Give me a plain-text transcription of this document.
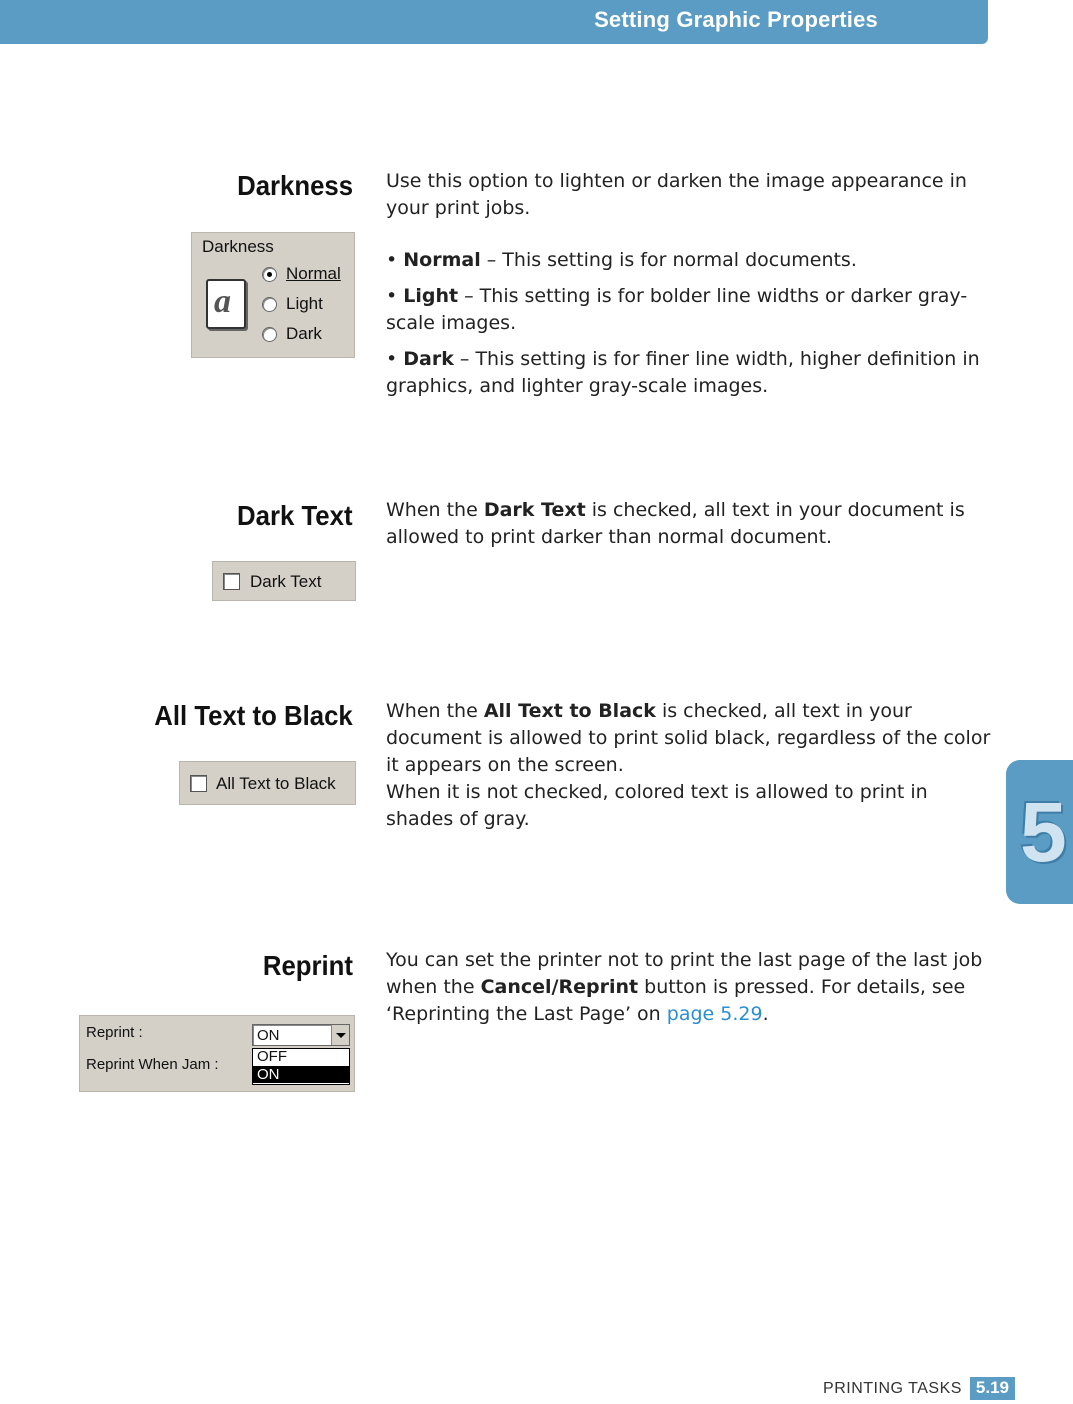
Setting Graphic Properties
Darkness Use this option to lighten or darken the image appearance in your print jobs.

• Normal – This setting is for normal documents.

• Light – This setting is for bolder line widths or darker gray-scale images.

• Dark – This setting is for finer line width, higher definition in graphics, and lighter gray-scale images.

Darkness
a
Normal
Light
Dark
Dark Text When the Dark Text is checked, all text in your document is allowed to print darker than normal document.

Dark Text
All Text to Black When the All Text to Black is checked, all text in your document is allowed to print solid black, regardless of the color it appears on the screen.

When it is not checked, colored text is allowed to print in shades of gray.

All Text to Black
Reprint You can set the printer not to print the last page of the last job when the Cancel/Reprint button is pressed. For details, see ‘Reprinting the Last Page’ on page 5.29.

Reprint :
Reprint When Jam :
ON
OFF
ON
5
PRINTING TASKS 5.19
